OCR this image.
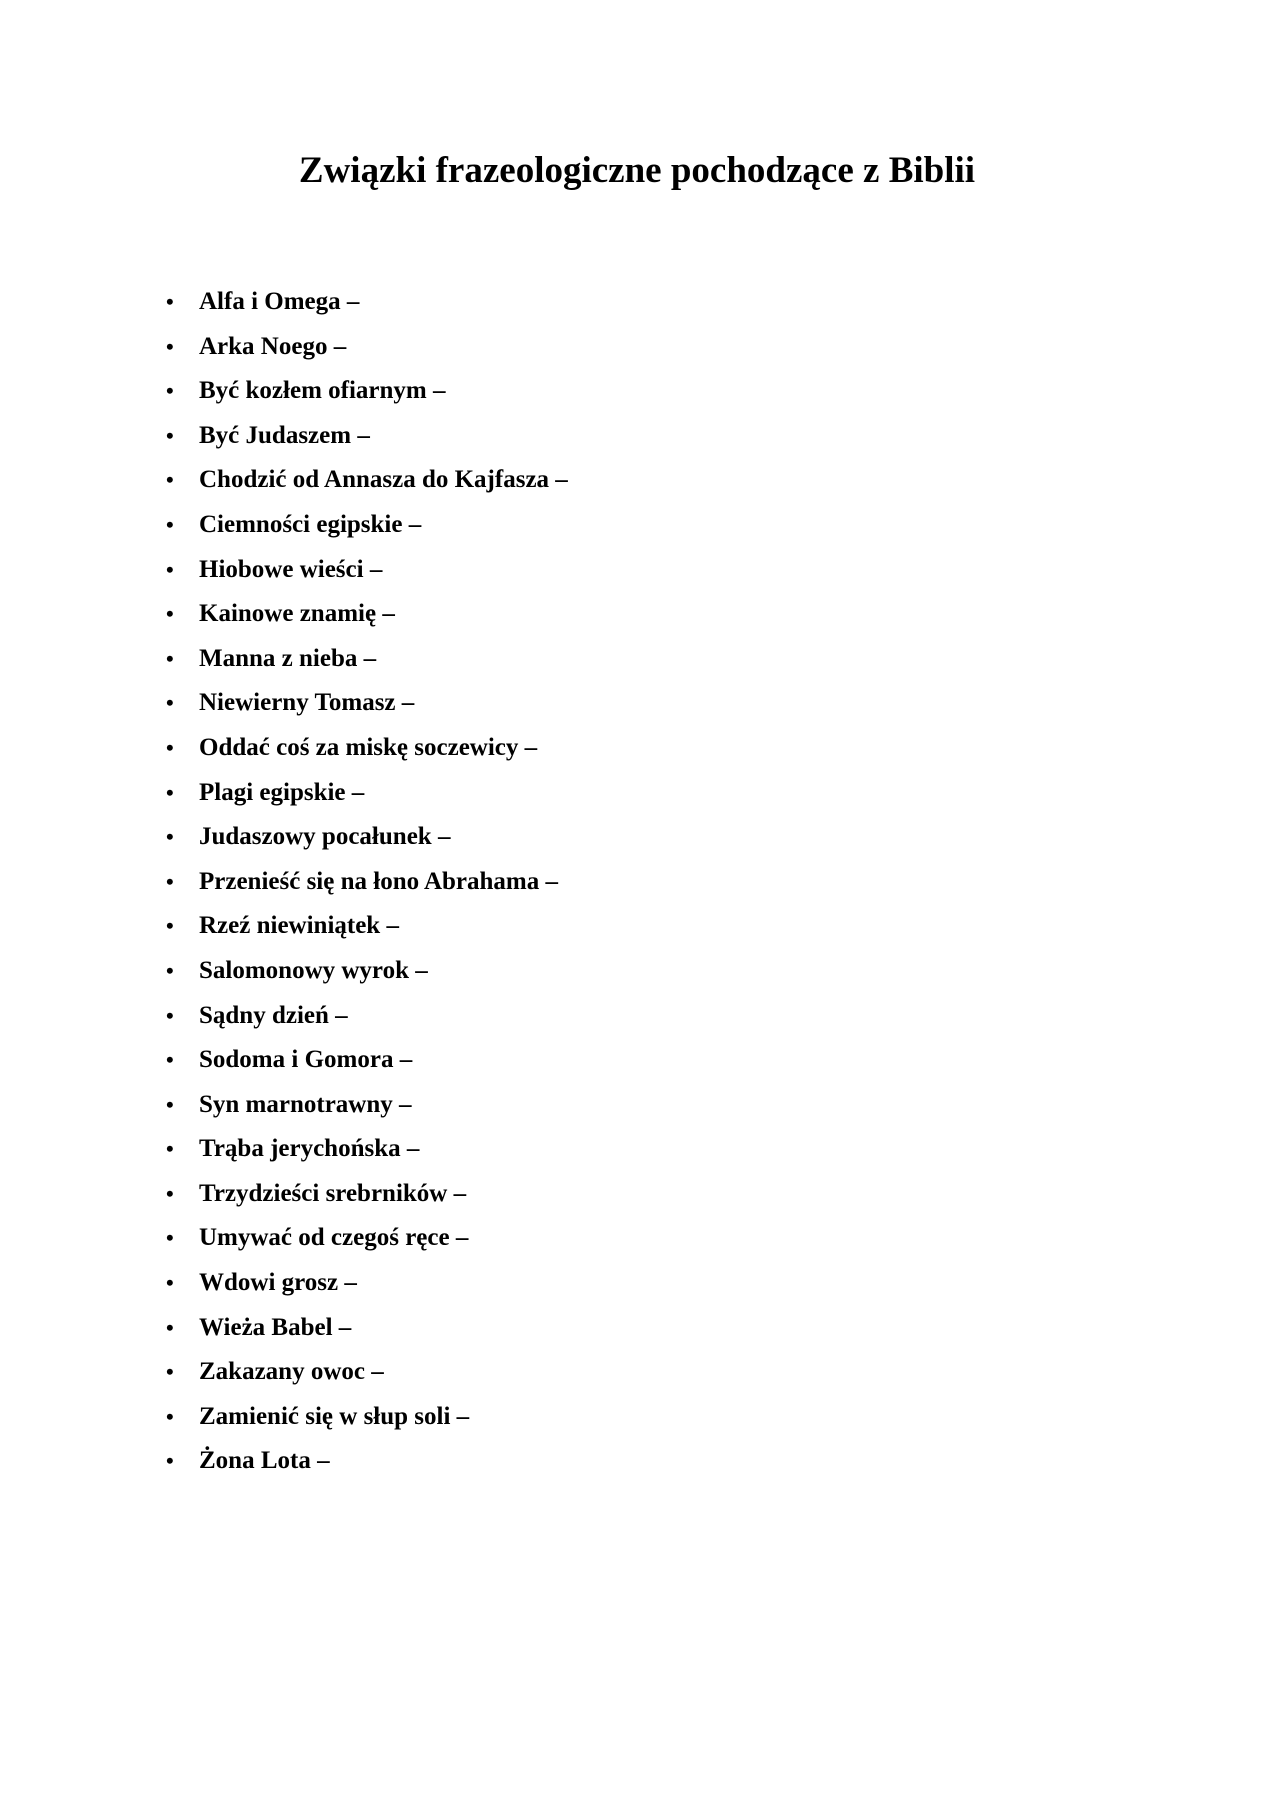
Związki frazeologiczne pochodzące z Biblii
• Alfa i Omega –
• Arka Noego –
• Być kozłem ofiarnym –
• Być Judaszem –
• Chodzić od Annasza do Kajfasza –
• Ciemności egipskie –
• Hiobowe wieści –
• Kainowe znamię –
• Manna z nieba –
• Niewierny Tomasz –
• Oddać coś za miskę soczewicy –
• Plagi egipskie –
• Judaszowy pocałunek –
• Przenieść się na łono Abrahama –
• Rzeź niewiniątek –
• Salomonowy wyrok –
• Sądny dzień –
• Sodoma i Gomora –
• Syn marnotrawny –
• Trąba jerychońska –
• Trzydzieści srebrników –
• Umywać od czegoś ręce –
• Wdowi grosz –
• Wieża Babel –
• Zakazany owoc –
• Zamienić się w słup soli –
• Żona Lota –
